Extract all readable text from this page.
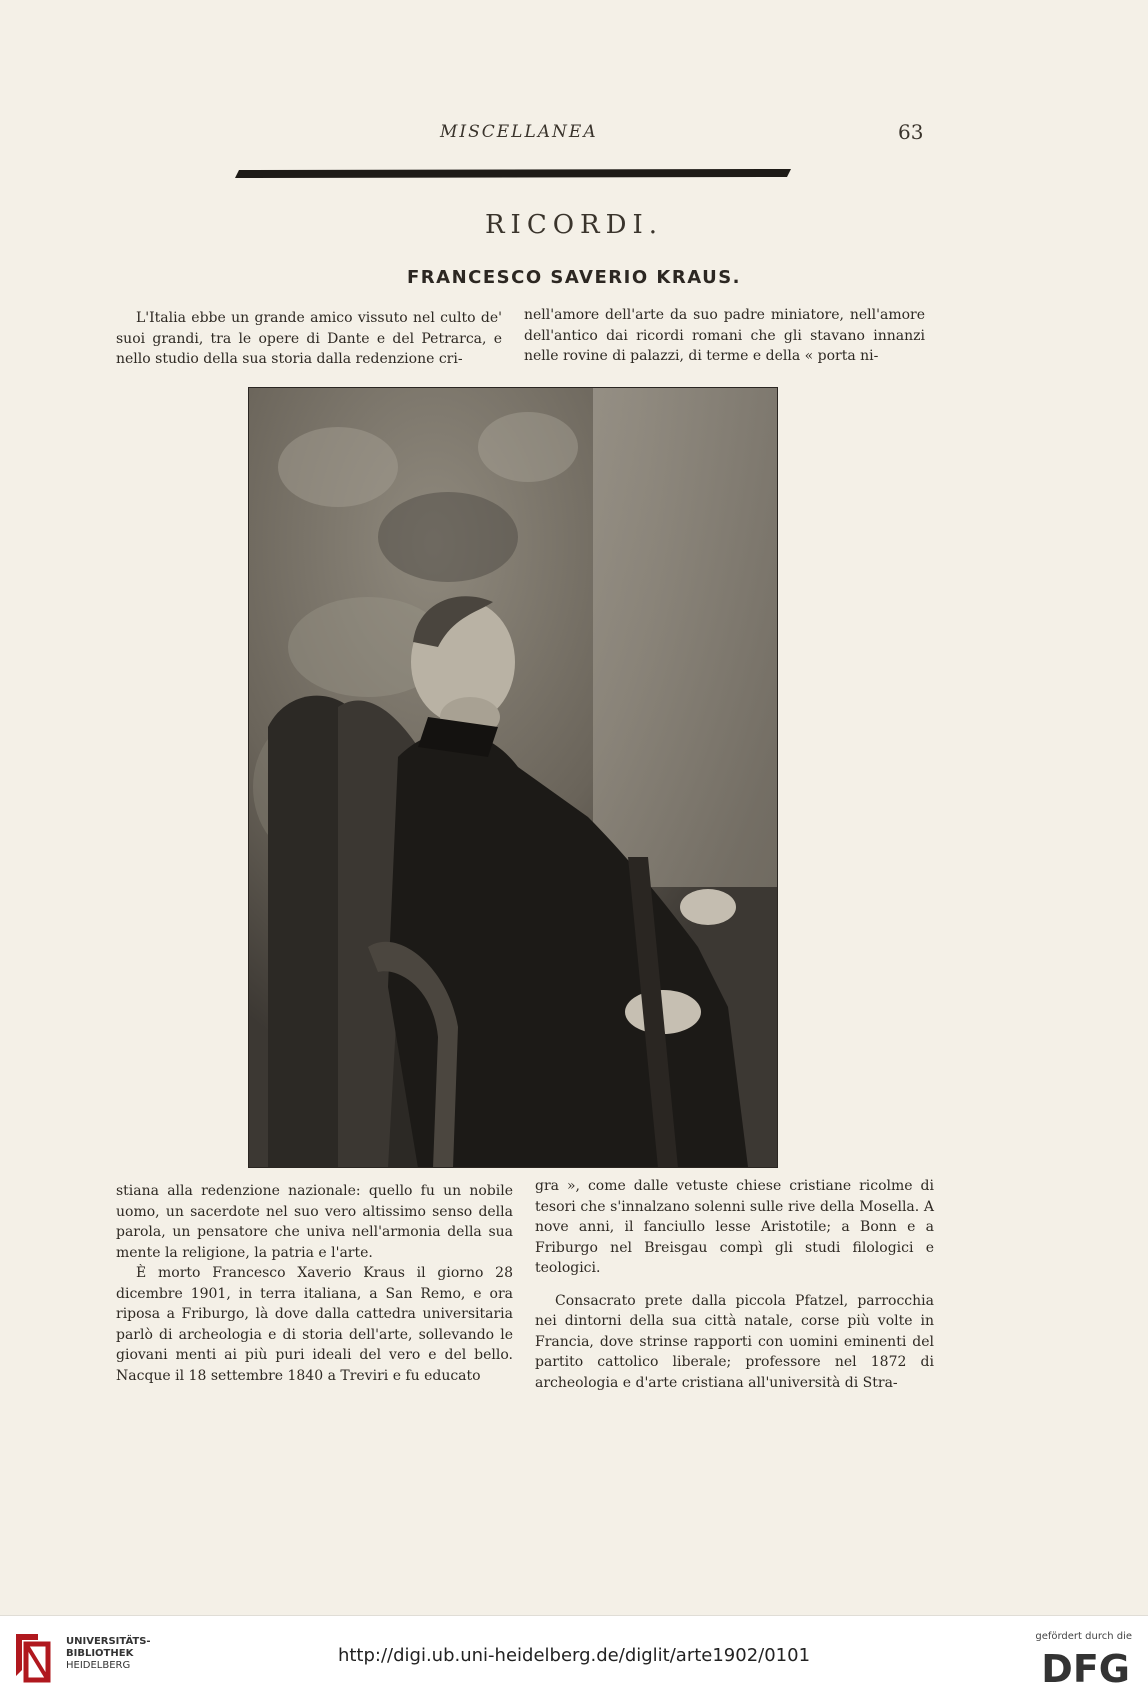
MISCELLANEA	63
RICORDI.
FRANCESCO SAVERIO KRAUS.

L'Italia ebbe un grande amico vissuto nel culto de' suoi grandi, tra le opere di Dante e del Petrarca, e nello studio della sua storia dalla redenzione cri-

nell'amore dell'arte da suo padre miniatore, nell'amore dell'antico dai ricordi romani che gli stavano innanzi nelle rovine di palazzi, di terme e della « porta ni-

stiana alla redenzione nazionale: quello fu un nobile uomo, un sacerdote nel suo vero altissimo senso della parola, un pensatore che univa nell'armonia della sua mente la religione, la patria e l'arte.

È morto Francesco Xaverio Kraus il giorno 28 dicembre 1901, in terra italiana, a San Remo, e ora riposa a Friburgo, là dove dalla cattedra universitaria parlò di archeologia e di storia dell'arte, sollevando le giovani menti ai più puri ideali del vero e del bello. Nacque il 18 settembre 1840 a Treviri e fu educato

gra », come dalle vetuste chiese cristiane ricolme di tesori che s'innalzano solenni sulle rive della Mosella. A nove anni, il fanciullo lesse Aristotile; a Bonn e a Friburgo nel Breisgau compì gli studi filologici e teologici.

Consacrato prete dalla piccola Pfatzel, parrocchia nei dintorni della sua città natale, corse più volte in Francia, dove strinse rapporti con uomini eminenti del partito cattolico liberale; professore nel 1872 di archeologia e d'arte cristiana all'università di Stra-

UNIVERSITÄTS-
BIBLIOTHEK
HEIDELBERG	http://digi.ub.uni-heidelberg.de/diglit/arte1902/0101
gefördert durch die
DFG
